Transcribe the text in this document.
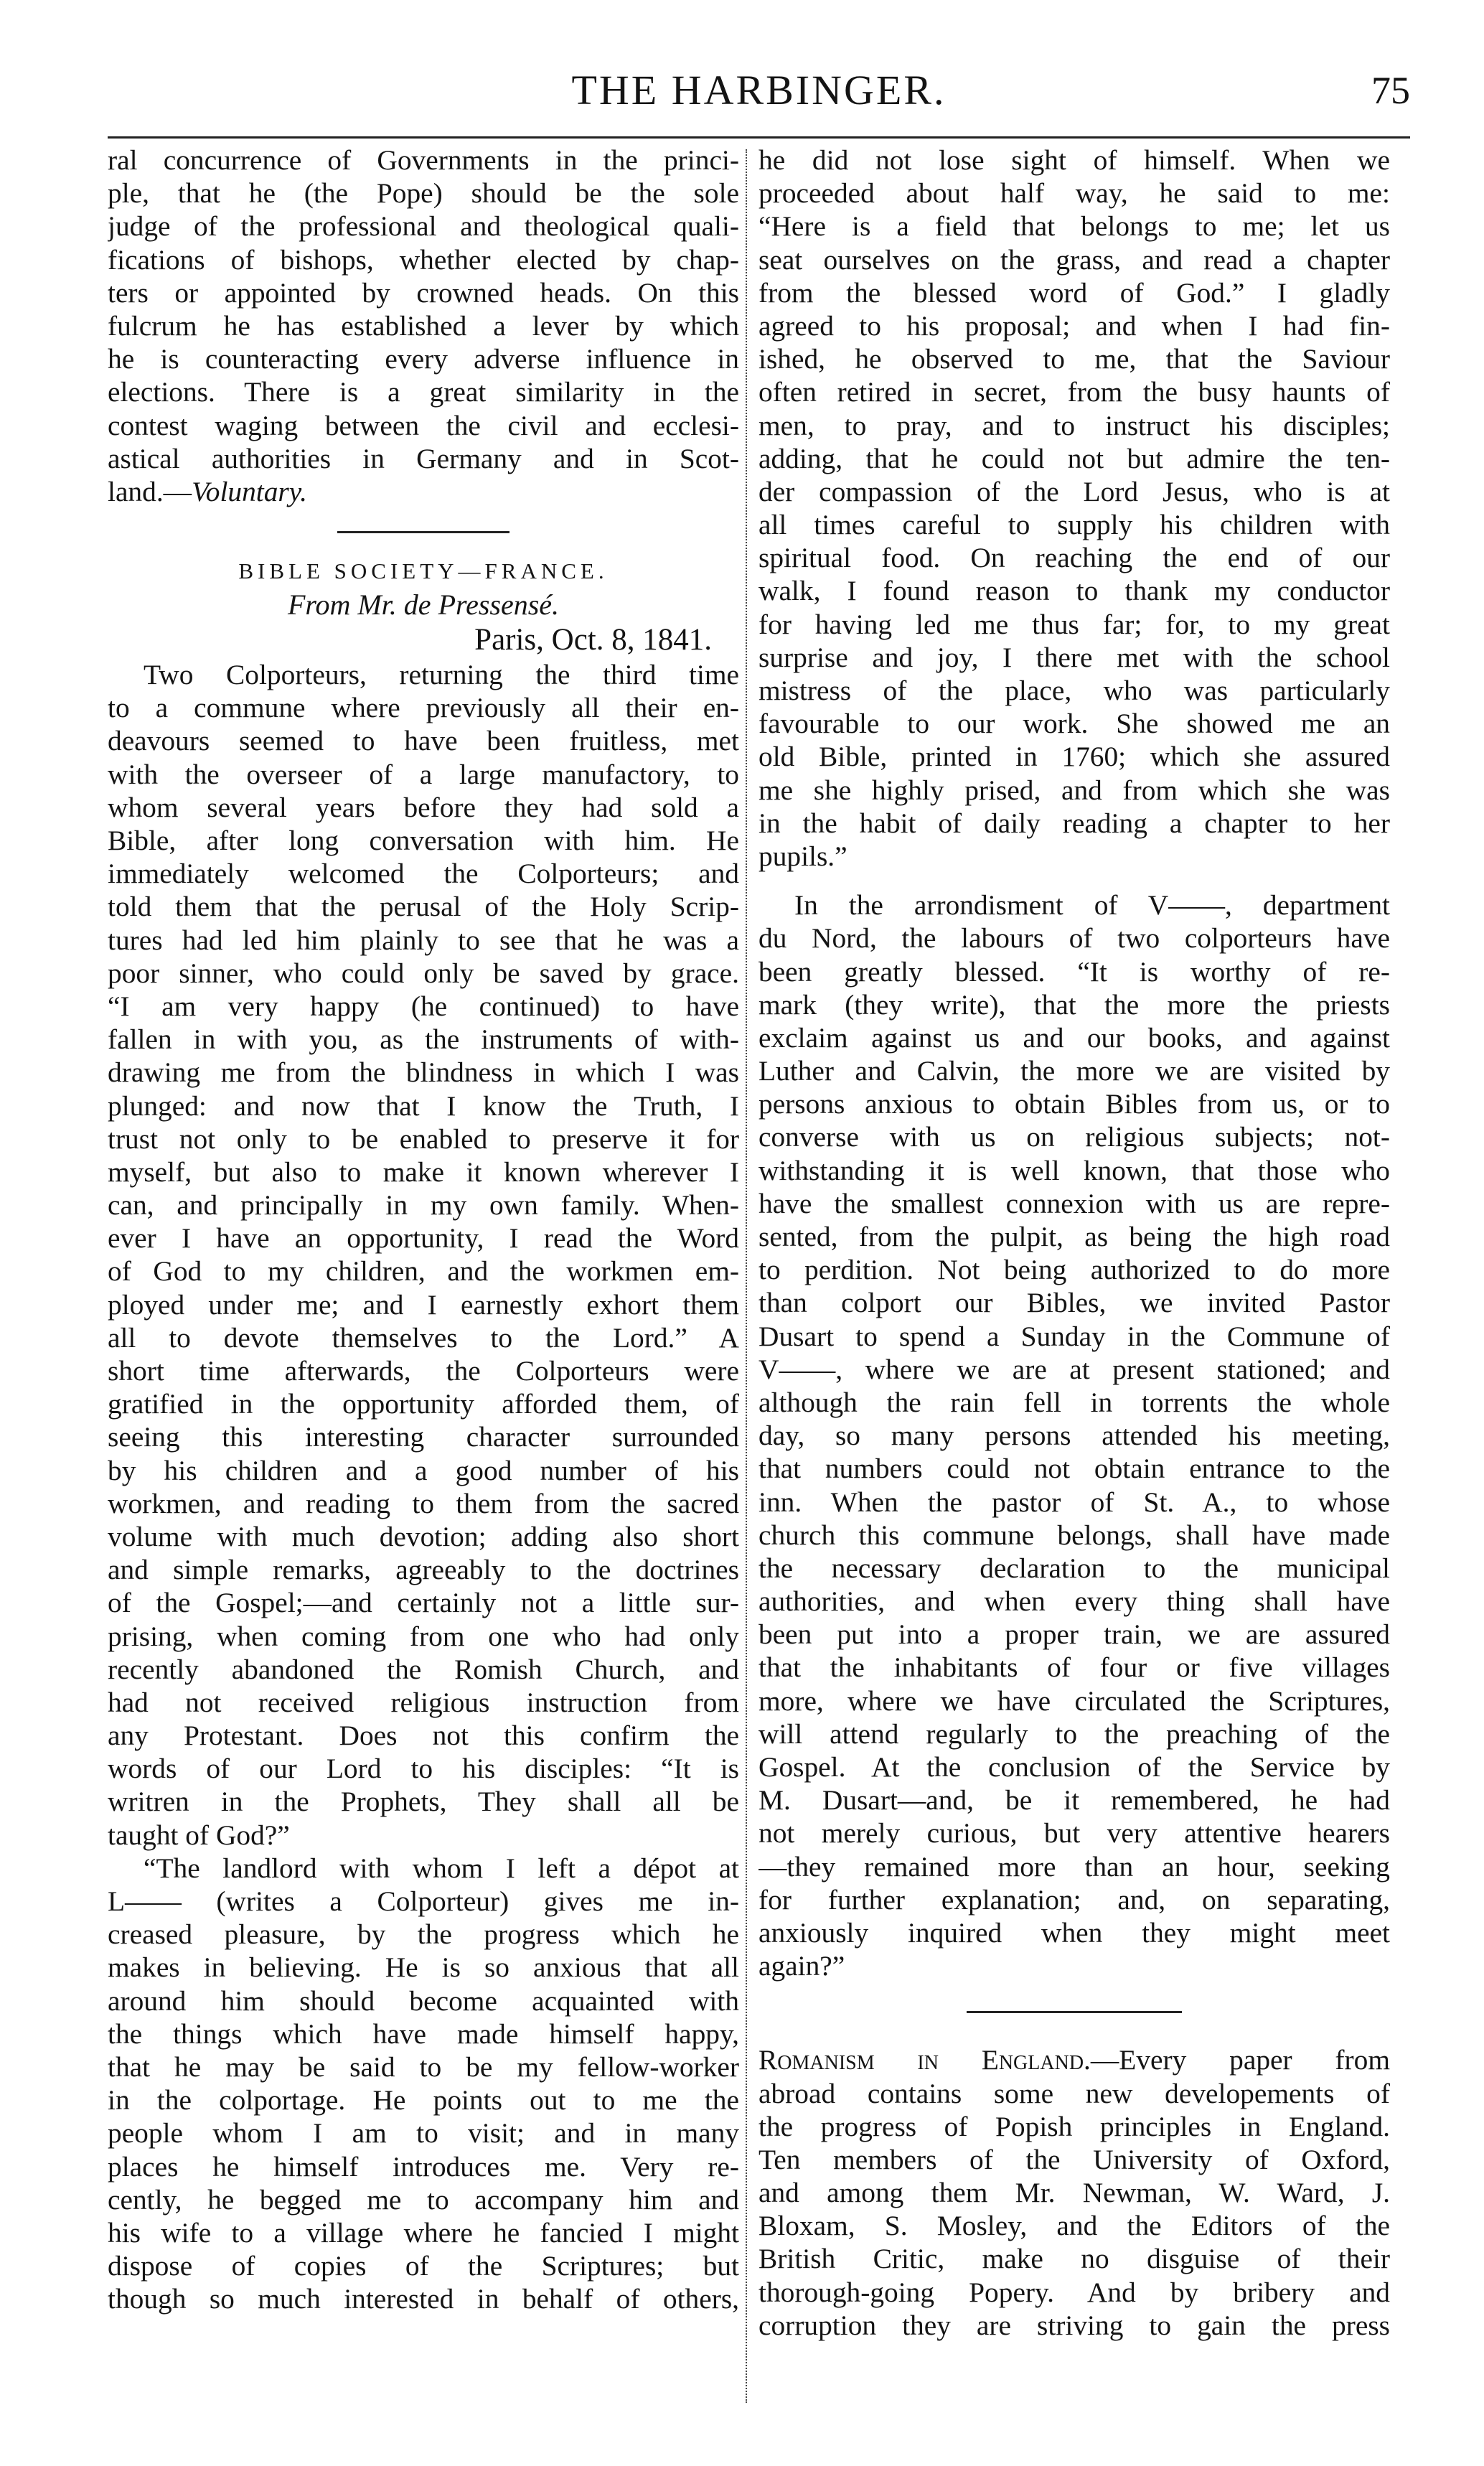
THE HARBINGER.	75
ral concurrence of Governments in the princi-
ple, that he (the Pope) should be the sole
judge of the professional and theological quali-
fications of bishops, whether elected by chap-
ters or appointed by crowned heads. On this
fulcrum he has established a lever by which
he is counteracting every adverse influence in
elections. There is a great similarity in the
contest waging between the civil and ecclesi-
astical authorities in Germany and in Scot-
land.—Voluntary.
BIBLE SOCIETY—FRANCE.
From Mr. de Pressensé.
Paris, Oct. 8, 1841.
Two Colporteurs, returning the third time
to a commune where previously all their en-
deavours seemed to have been fruitless, met
with the overseer of a large manufactory, to
whom several years before they had sold a
Bible, after long conversation with him. He
immediately welcomed the Colporteurs; and
told them that the perusal of the Holy Scrip-
tures had led him plainly to see that he was a
poor sinner, who could only be saved by grace.
“I am very happy (he continued) to have
fallen in with you, as the instruments of with-
drawing me from the blindness in which I was
plunged: and now that I know the Truth, I
trust not only to be enabled to preserve it for
myself, but also to make it known wherever I
can, and principally in my own family. When-
ever I have an opportunity, I read the Word
of God to my children, and the workmen em-
ployed under me; and I earnestly exhort them
all to devote themselves to the Lord.” A
short time afterwards, the Colporteurs were
gratified in the opportunity afforded them, of
seeing this interesting character surrounded
by his children and a good number of his
workmen, and reading to them from the sacred
volume with much devotion; adding also short
and simple remarks, agreeably to the doctrines
of the Gospel;—and certainly not a little sur-
prising, when coming from one who had only
recently abandoned the Romish Church, and
had not received religious instruction from
any Protestant. Does not this confirm the
words of our Lord to his disciples: “It is
writren in the Prophets, They shall all be
taught of God?”
“The landlord with whom I left a dépot at
L—— (writes a Colporteur) gives me in-
creased pleasure, by the progress which he
makes in believing. He is so anxious that all
around him should become acquainted with
the things which have made himself happy,
that he may be said to be my fellow-worker
in the colportage. He points out to me the
people whom I am to visit; and in many
places he himself introduces me. Very re-
cently, he begged me to accompany him and
his wife to a village where he fancied I might
dispose of copies of the Scriptures; but
though so much interested in behalf of others,
he did not lose sight of himself. When we
proceeded about half way, he said to me:
“Here is a field that belongs to me; let us
seat ourselves on the grass, and read a chapter
from the blessed word of God.” I gladly
agreed to his proposal; and when I had fin-
ished, he observed to me, that the Saviour
often retired in secret, from the busy haunts of
men, to pray, and to instruct his disciples;
adding, that he could not but admire the ten-
der compassion of the Lord Jesus, who is at
all times careful to supply his children with
spiritual food. On reaching the end of our
walk, I found reason to thank my conductor
for having led me thus far; for, to my great
surprise and joy, I there met with the school
mistress of the place, who was particularly
favourable to our work. She showed me an
old Bible, printed in 1760; which she assured
me she highly prised, and from which she was
in the habit of daily reading a chapter to her
pupils.”
In the arrondisment of V——, department
du Nord, the labours of two colporteurs have
been greatly blessed. “It is worthy of re-
mark (they write), that the more the priests
exclaim against us and our books, and against
Luther and Calvin, the more we are visited by
persons anxious to obtain Bibles from us, or to
converse with us on religious subjects; not-
withstanding it is well known, that those who
have the smallest connexion with us are repre-
sented, from the pulpit, as being the high road
to perdition. Not being authorized to do more
than colport our Bibles, we invited Pastor
Dusart to spend a Sunday in the Commune of
V——, where we are at present stationed; and
although the rain fell in torrents the whole
day, so many persons attended his meeting,
that numbers could not obtain entrance to the
inn. When the pastor of St. A., to whose
church this commune belongs, shall have made
the necessary declaration to the municipal
authorities, and when every thing shall have
been put into a proper train, we are assured
that the inhabitants of four or five villages
more, where we have circulated the Scriptures,
will attend regularly to the preaching of the
Gospel. At the conclusion of the Service by
M. Dusart—and, be it remembered, he had
not merely curious, but very attentive hearers
—they remained more than an hour, seeking
for further explanation; and, on separating,
anxiously inquired when they might meet
again?”
Romanism in England.—Every paper from
abroad contains some new developements of
the progress of Popish principles in England.
Ten members of the University of Oxford,
and among them Mr. Newman, W. Ward, J.
Bloxam, S. Mosley, and the Editors of the
British Critic, make no disguise of their
thorough-going Popery. And by bribery and
corruption they are striving to gain the press
